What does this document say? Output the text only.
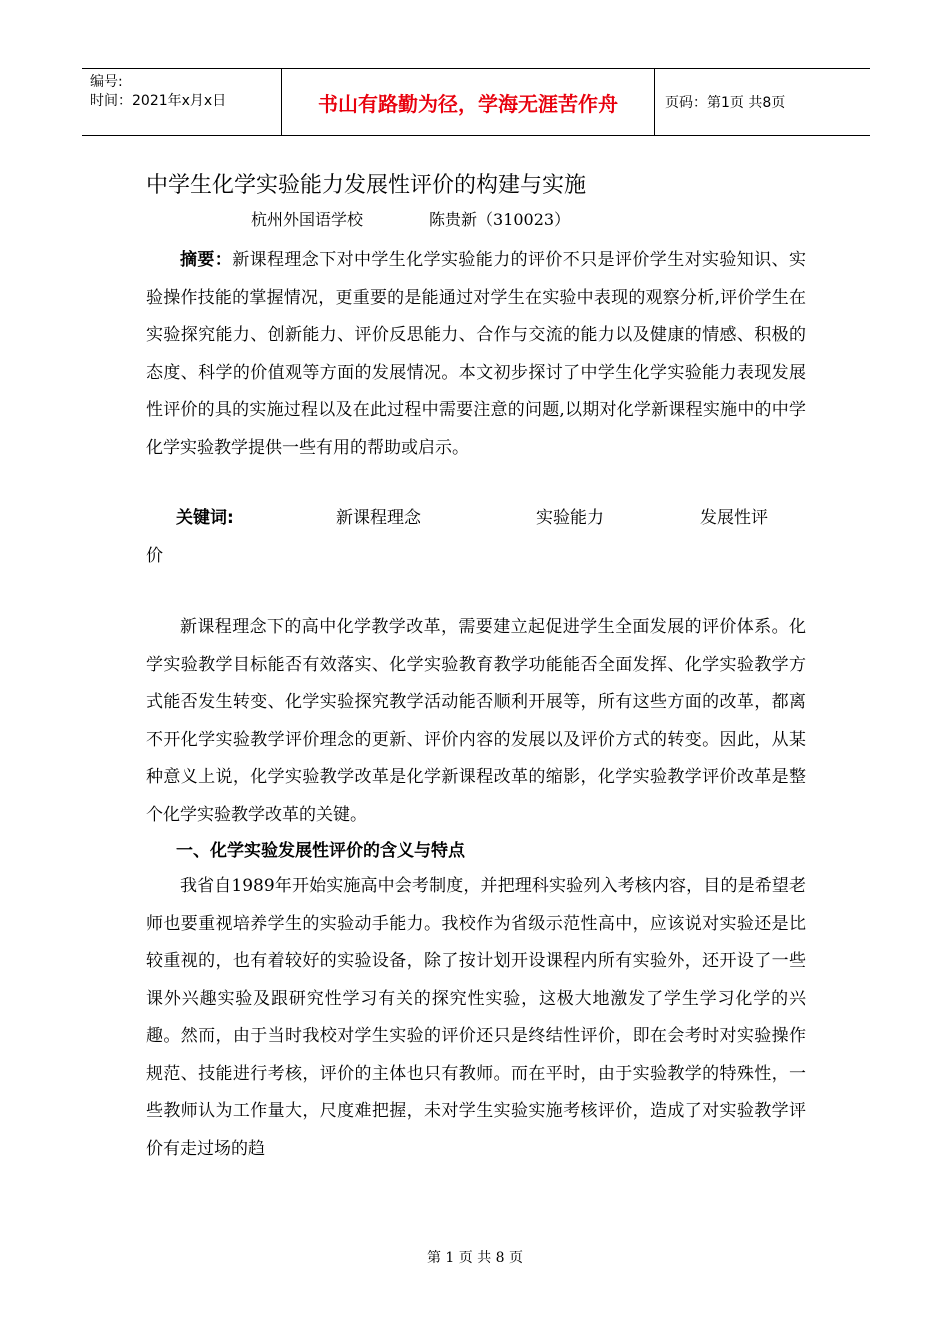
编号:
时间：2021年x月x日	书山有路勤为径，学海无涯苦作舟	页码：第1页 共8页
中学生化学实验能力发展性评价的构建与实施
杭州外国语学校	陈贵新（310023）
摘要：新课程理念下对中学生化学实验能力的评价不只是评价学生对实验知识、实验操作技能的掌握情况，更重要的是能通过对学生在实验中表现的观察分析,评价学生在实验探究能力、创新能力、评价反思能力、合作与交流的能力以及健康的情感、积极的态度、科学的价值观等方面的发展情况。本文初步探讨了中学生化学实验能力表现发展性评价的具的实施过程以及在此过程中需要注意的问题,以期对化学新课程实施中的中学化学实验教学提供一些有用的帮助或启示。
关键词:	新课程理念	实验能力	发展性评
价
新课程理念下的高中化学教学改革，需要建立起促进学生全面发展的评价体系。化学实验教学目标能否有效落实、化学实验教育教学功能能否全面发挥、化学实验教学方式能否发生转变、化学实验探究教学活动能否顺利开展等，所有这些方面的改革，都离不开化学实验教学评价理念的更新、评价内容的发展以及评价方式的转变。因此，从某种意义上说，化学实验教学改革是化学新课程改革的缩影，化学实验教学评价改革是整个化学实验教学改革的关键。
一、化学实验发展性评价的含义与特点
我省自1989年开始实施高中会考制度，并把理科实验列入考核内容，目的是希望老师也要重视培养学生的实验动手能力。我校作为省级示范性高中，应该说对实验还是比较重视的，也有着较好的实验设备，除了按计划开设课程内所有实验外，还开设了一些课外兴趣实验及跟研究性学习有关的探究性实验，这极大地激发了学生学习化学的兴趣。然而，由于当时我校对学生实验的评价还只是终结性评价，即在会考时对实验操作规范、技能进行考核，评价的主体也只有教师。而在平时，由于实验教学的特殊性，一些教师认为工作量大，尺度难把握，未对学生实验实施考核评价，造成了对实验教学评价有走过场的趋
第 1 页 共 8 页
